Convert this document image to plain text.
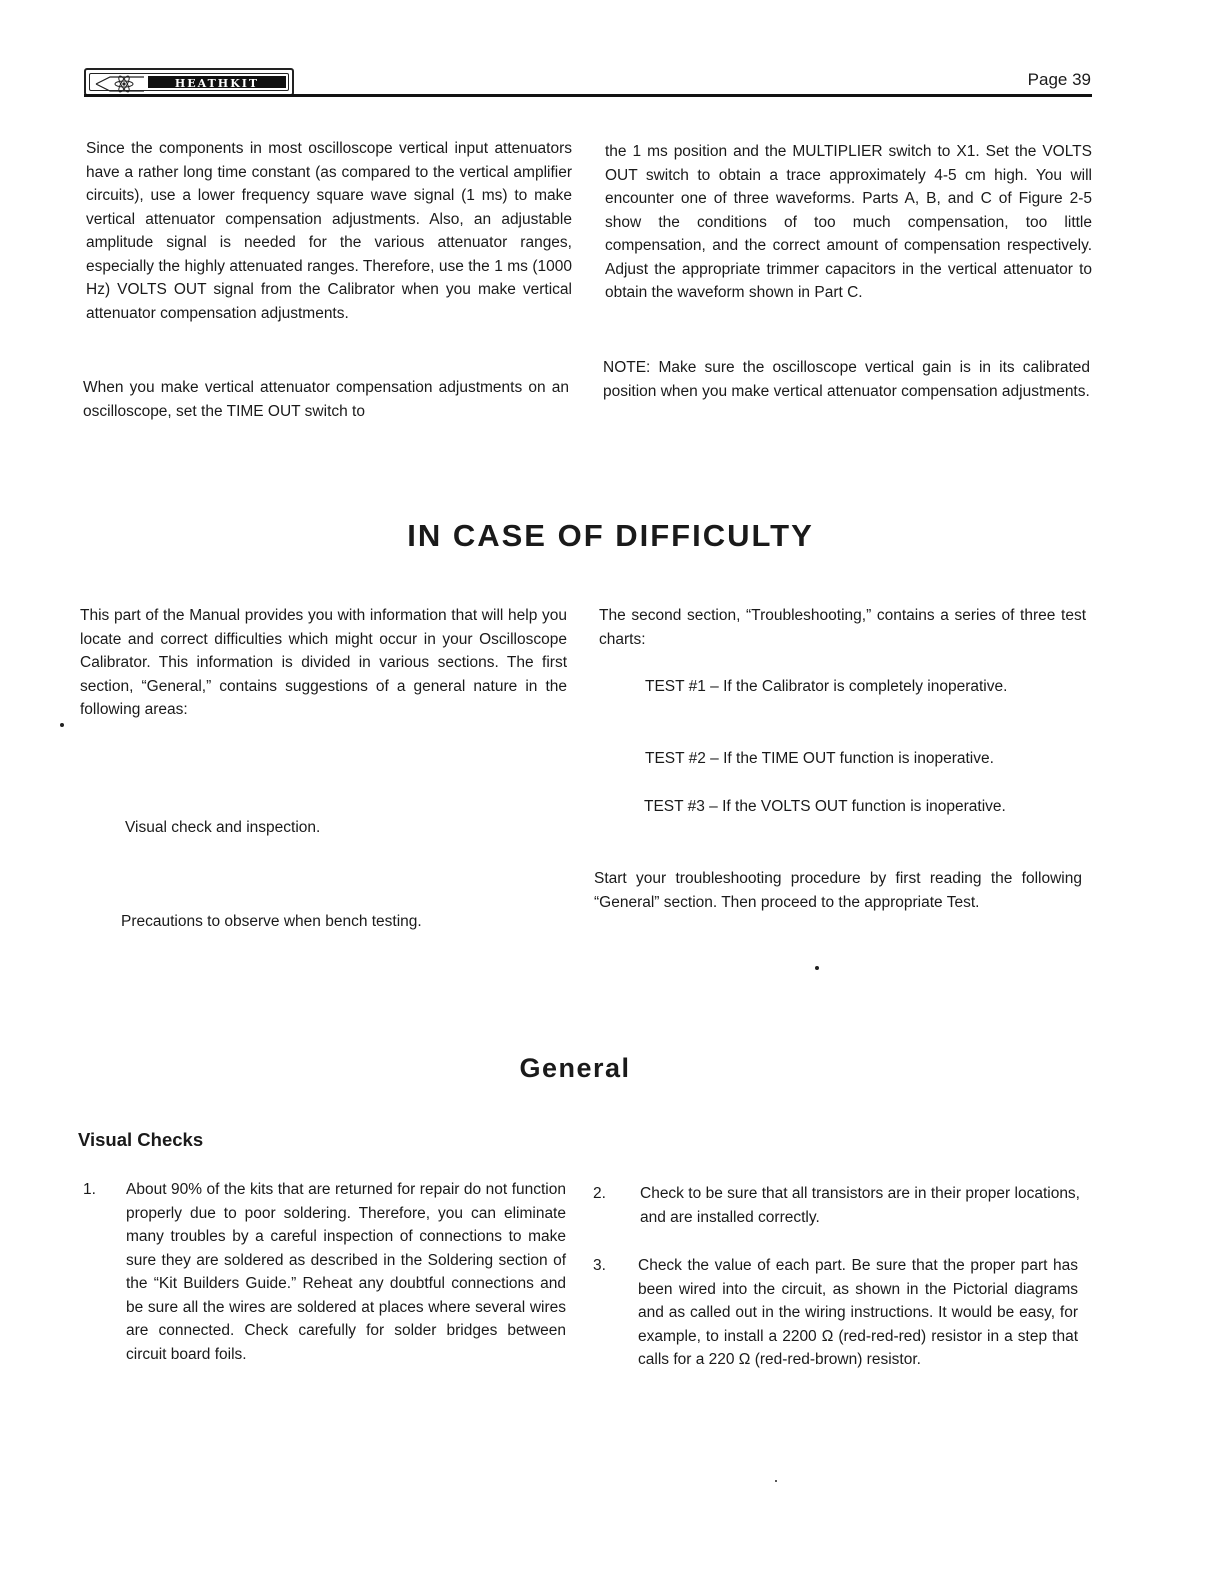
HEATHKIT	Page 39

Since the components in most oscilloscope vertical input attenuators have a rather long time constant (as compared to the vertical amplifier circuits), use a lower frequency square wave signal (1 ms) to make vertical attenuator compensation adjustments. Also, an adjustable amplitude signal is needed for the various attenuator ranges, especially the highly attenuated ranges. Therefore, use the 1 ms (1000 Hz) VOLTS OUT signal from the Calibrator when you make vertical attenuator compensation adjustments.

When you make vertical attenuator compensation adjustments on an oscilloscope, set the TIME OUT switch to

the 1 ms position and the MULTIPLIER switch to X1. Set the VOLTS OUT switch to obtain a trace approximately 4-5 cm high. You will encounter one of three waveforms. Parts A, B, and C of Figure 2-5 show the conditions of too much compensation, too little compensation, and the correct amount of compensation respectively. Adjust the appropriate trimmer capacitors in the vertical attenuator to obtain the waveform shown in Part C.

NOTE: Make sure the oscilloscope vertical gain is in its calibrated position when you make vertical attenuator compensation adjustments.

IN CASE OF DIFFICULTY

This part of the Manual provides you with information that will help you locate and correct difficulties which might occur in your Oscilloscope Calibrator. This information is divided in various sections. The first section, “General,” contains suggestions of a general nature in the following areas:

Visual check and inspection.
Precautions to observe when bench testing.

The second section, “Troubleshooting,” contains a series of three test charts:

TEST #1 – If the Calibrator is completely inoperative.
TEST #2 – If the TIME OUT function is inoperative.
TEST #3 – If the VOLTS OUT function is inoperative.

Start your troubleshooting procedure by first reading the following “General” section. Then proceed to the appropriate Test.

General
Visual Checks
1. About 90% of the kits that are returned for repair do not function properly due to poor soldering. Therefore, you can eliminate many troubles by a careful inspection of connections to make sure they are soldered as described in the Soldering section of the “Kit Builders Guide.” Reheat any doubtful connections and be sure all the wires are soldered at places where several wires are connected. Check carefully for solder bridges between circuit board foils.
2. Check to be sure that all transistors are in their proper locations, and are installed correctly.
3. Check the value of each part. Be sure that the proper part has been wired into the circuit, as shown in the Pictorial diagrams and as called out in the wiring instructions. It would be easy, for example, to install a 2200 Ω (red-red-red) resistor in a step that calls for a 220 Ω (red-red-brown) resistor.
